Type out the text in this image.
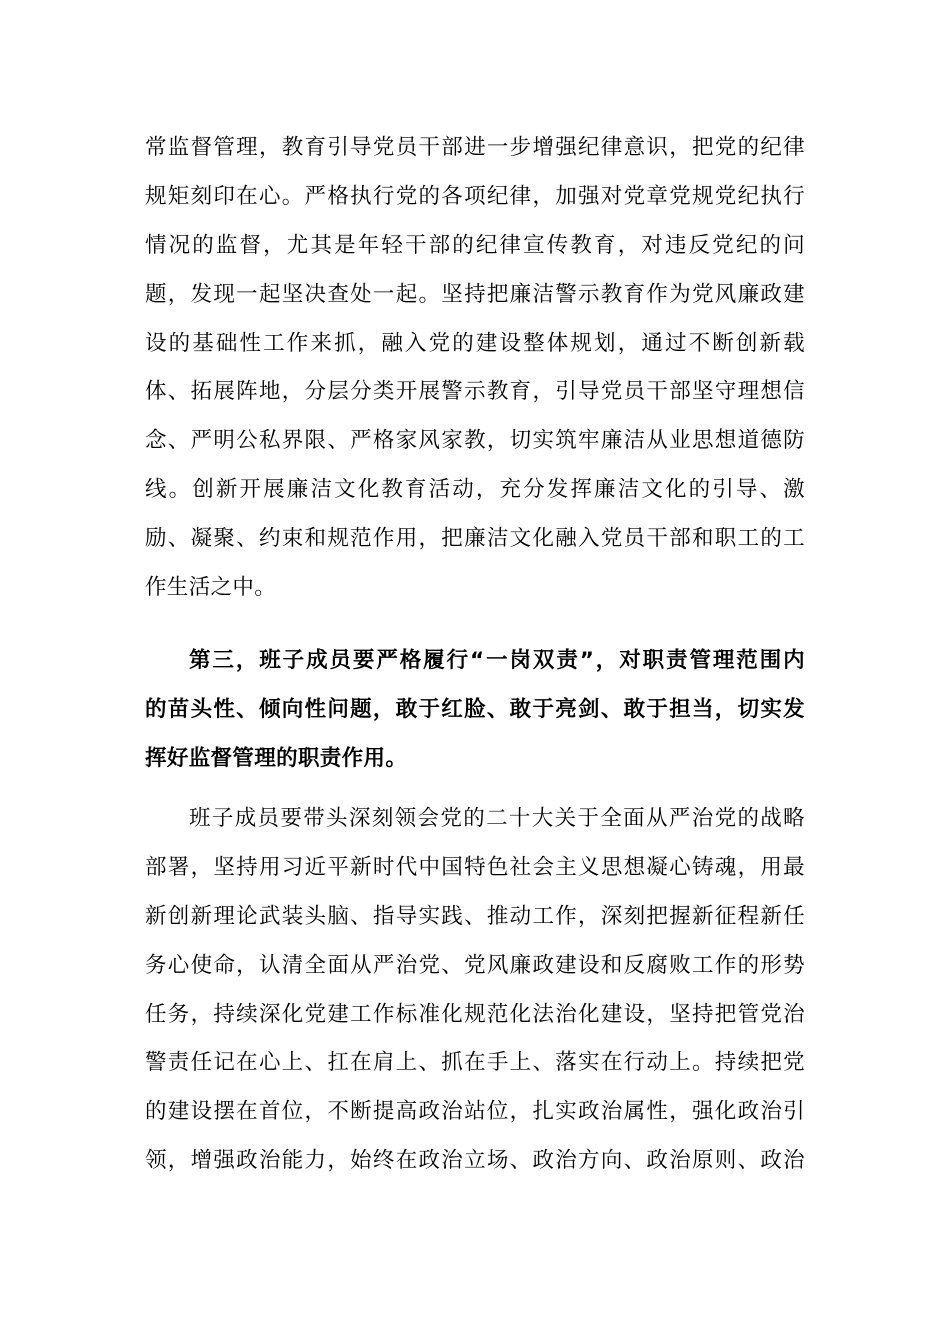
常监督管理，教育引导党员干部进一步增强纪律意识，把党的纪律
规矩刻印在心。严格执行党的各项纪律，加强对党章党规党纪执行
情况的监督，尤其是年轻干部的纪律宣传教育，对违反党纪的问
题，发现一起坚决查处一起。坚持把廉洁警示教育作为党风廉政建
设的基础性工作来抓，融入党的建设整体规划，通过不断创新载
体、拓展阵地，分层分类开展警示教育，引导党员干部坚守理想信
念、严明公私界限、严格家风家教，切实筑牢廉洁从业思想道德防
线。创新开展廉洁文化教育活动，充分发挥廉洁文化的引导、激
励、凝聚、约束和规范作用，把廉洁文化融入党员干部和职工的工
作生活之中。
第三，班子成员要严格履行“一岗双责”，对职责管理范围内
的苗头性、倾向性问题，敢于红脸、敢于亮剑、敢于担当，切实发
挥好监督管理的职责作用。
班子成员要带头深刻领会党的二十大关于全面从严治党的战略
部署，坚持用习近平新时代中国特色社会主义思想凝心铸魂，用最
新创新理论武装头脑、指导实践、推动工作，深刻把握新征程新任
务心使命，认清全面从严治党、党风廉政建设和反腐败工作的形势
任务，持续深化党建工作标准化规范化法治化建设，坚持把管党治
警责任记在心上、扛在肩上、抓在手上、落实在行动上。持续把党
的建设摆在首位，不断提高政治站位，扎实政治属性，强化政治引
领，增强政治能力，始终在政治立场、政治方向、政治原则、政治
